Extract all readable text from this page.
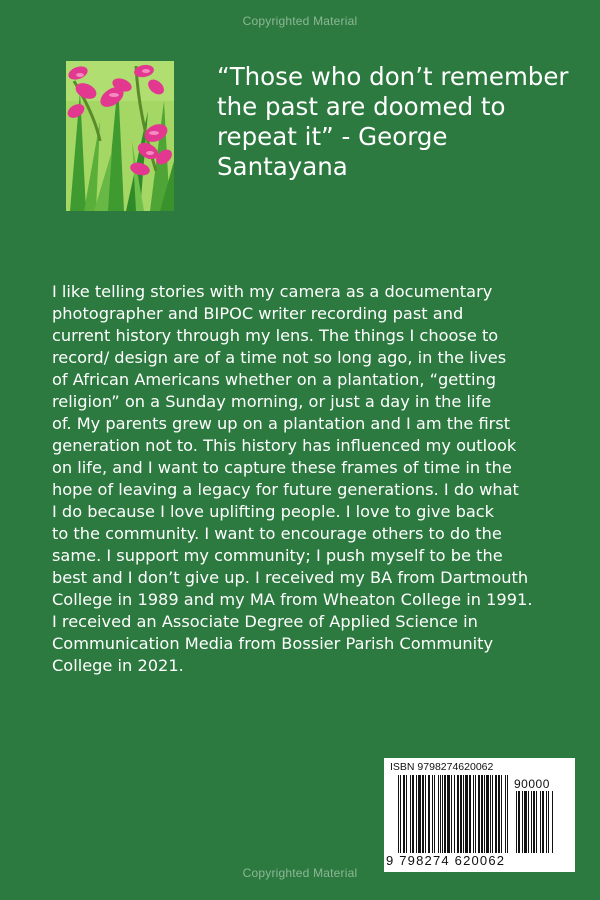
Copyrighted Material

“Those who don’t remember the past are doomed to repeat it” - George Santayana

I like telling stories with my camera as a documentary
photographer and BIPOC writer recording past and
current history through my lens. The things I choose to
record/ design are of a time not so long ago, in the lives
of African Americans whether on a plantation, “getting
religion” on a Sunday morning, or just a day in the life
of. My parents grew up on a plantation and I am the first
generation not to. This history has influenced my outlook
on life, and I want to capture these frames of time in the
hope of leaving a legacy for future generations. I do what
I do because I love uplifting people. I love to give back
to the community. I want to encourage others to do the
same. I support my community; I push myself to be the
best and I don’t give up. I received my BA from Dartmouth
College in 1989 and my MA from Wheaton College in 1991.
I received an Associate Degree of Applied Science in
Communication Media from Bossier Parish Community
College in 2021.
ISBN 9798274620062
90000
9 798274 620062
Copyrighted Material
